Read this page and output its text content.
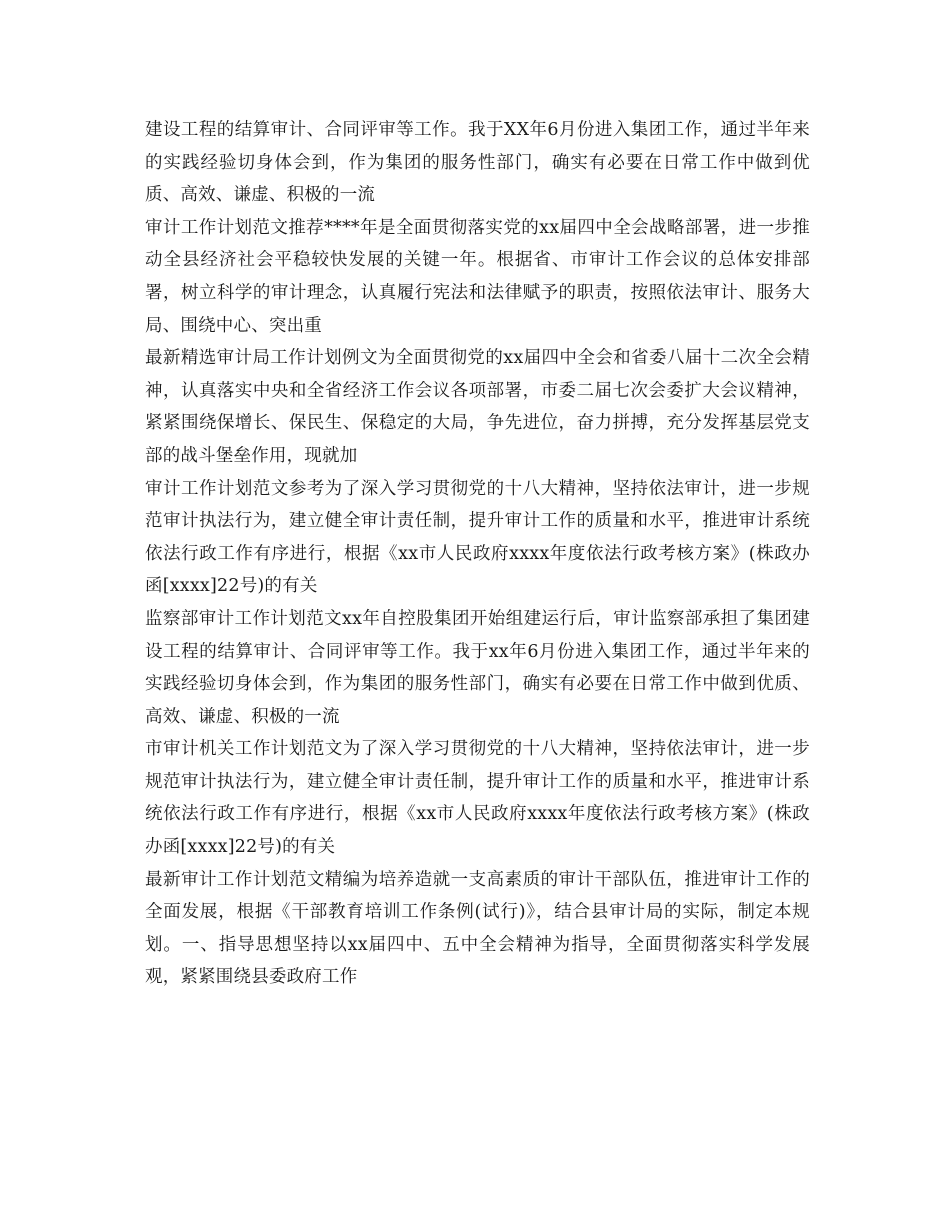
建设工程的结算审计、合同评审等工作。我于XX年6月份进入集团工作，通过半年来的实践经验切身体会到，作为集团的服务性部门，确实有必要在日常工作中做到优质、高效、谦虚、积极的一流

审计工作计划范文推荐****年是全面贯彻落实党的xx届四中全会战略部署，进一步推动全县经济社会平稳较快发展的关键一年。根据省、市审计工作会议的总体安排部署，树立科学的审计理念，认真履行宪法和法律赋予的职责，按照依法审计、服务大局、围绕中心、突出重

最新精选审计局工作计划例文为全面贯彻党的xx届四中全会和省委八届十二次全会精神，认真落实中央和全省经济工作会议各项部署，市委二届七次会委扩大会议精神，紧紧围绕保增长、保民生、保稳定的大局，争先进位，奋力拼搏，充分发挥基层党支部的战斗堡垒作用，现就加

审计工作计划范文参考为了深入学习贯彻党的十八大精神，坚持依法审计，进一步规范审计执法行为，建立健全审计责任制，提升审计工作的质量和水平，推进审计系统依法行政工作有序进行，根据《xx市人民政府xxxx年度依法行政考核方案》(株政办函[xxxx]22号)的有关

监察部审计工作计划范文xx年自控股集团开始组建运行后，审计监察部承担了集团建设工程的结算审计、合同评审等工作。我于xx年6月份进入集团工作，通过半年来的实践经验切身体会到，作为集团的服务性部门，确实有必要在日常工作中做到优质、高效、谦虚、积极的一流

市审计机关工作计划范文为了深入学习贯彻党的十八大精神，坚持依法审计，进一步规范审计执法行为，建立健全审计责任制，提升审计工作的质量和水平，推进审计系统依法行政工作有序进行，根据《xx市人民政府xxxx年度依法行政考核方案》(株政办函[xxxx]22号)的有关

最新审计工作计划范文精编为培养造就一支高素质的审计干部队伍，推进审计工作的全面发展，根据《干部教育培训工作条例(试行)》，结合县审计局的实际，制定本规划。一、指导思想坚持以xx届四中、五中全会精神为指导，全面贯彻落实科学发展观，紧紧围绕县委政府工作
